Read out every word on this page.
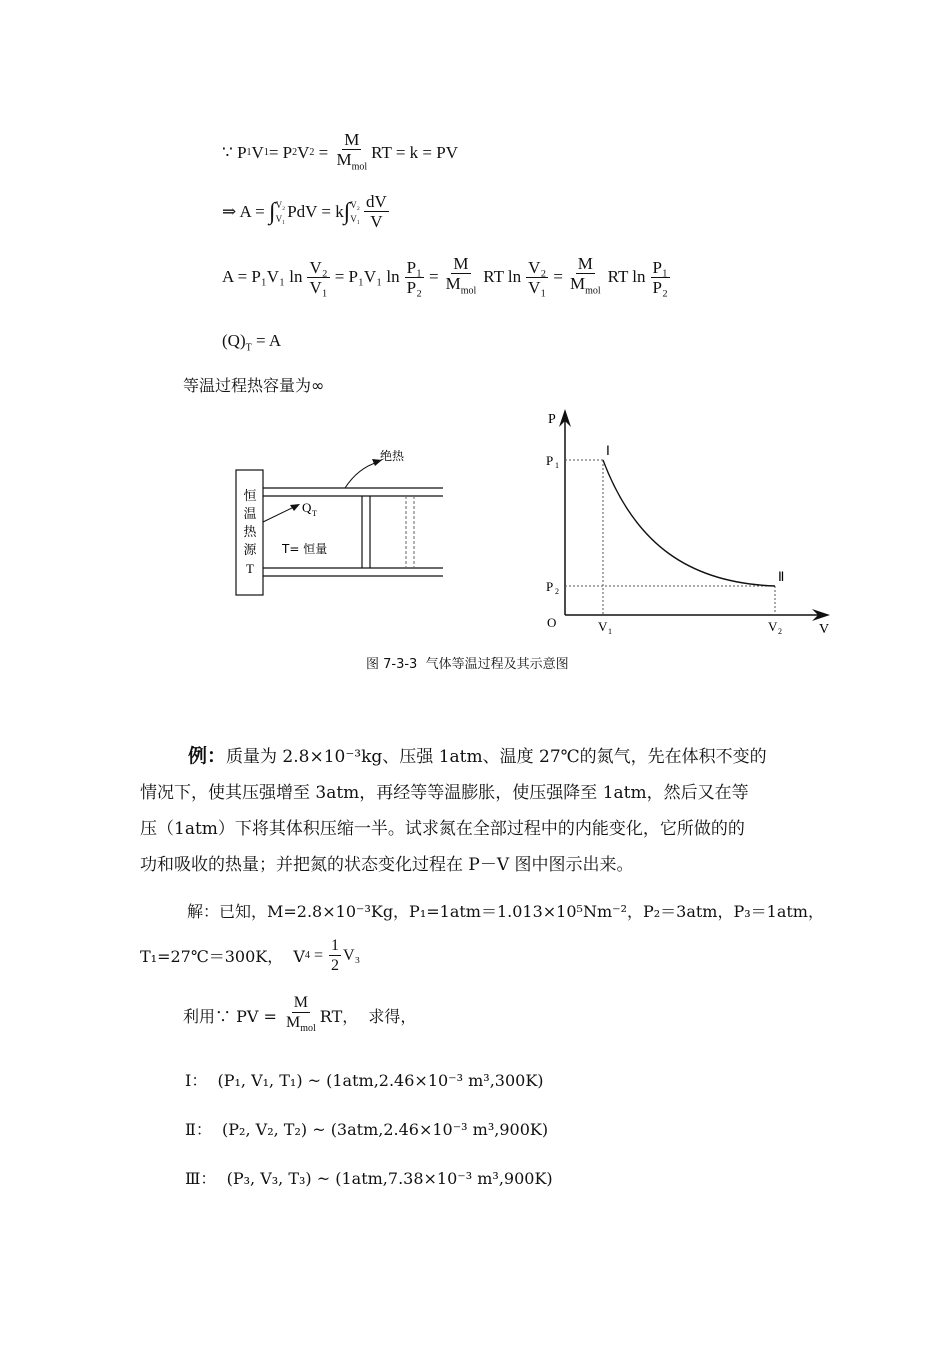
∵ P 1 V 1 = P 2 V $2 = \frac{M}{M_{mol}}$ RT = k = PV
⇒ A = ∫ V₂
V₁ PdV = k ∫ V₂
$V_1 \frac{dV}{V}$
A = P₁V₁ $\ln \frac{\text{V₂}}{\text{V₁}} = P_1V_1$ $\ln \frac{\text{P₁}}{\text{P₂}} = \frac{M}{M_{mol}}$ RT $\ln \frac{\text{V₂}}{\text{V₁}} = \frac{M}{M_{mol}}$ RT $\ln \frac{\text{P₁}}{\text{P₂}}$
$(Q)_T = A$
等温过程热容量为∞
恒
温
热
源
T
Q T
绝热
T= 恒量
P
V
O
P 1
P 2
V 1	V 2
Ⅰ
Ⅱ
图 7-3-3  气体等温过程及其示意图
例：质量为 2.8×10⁻³kg、压强 1atm、温度 27℃的氮气，先在体积不变的
情况下，使其压强增至 3atm，再经等等温膨胀，使压强降至 1atm，然后又在等
压（1atm）下将其体积压缩一半。试求氮在全部过程中的内能变化，它所做的的
功和吸收的热量；并把氮的状态变化过程在 P－V 图中图示出来。
解：已知，M=2.8×10⁻³Kg，P₁=1atm＝1.013×10⁵Nm⁻²，P₂＝3atm，P₃＝1atm，
T₁=27℃＝300K，  V $4 = \frac{1}{2} V_3$
利用∵ PV = $\frac{M}{M_{mol}}$ RT，  求得，
Ⅰ：  (P₁, V₁, T₁) ~ (1atm,2.46×10⁻³ m³,300K)
Ⅱ：  (P₂, V₂, T₂) ~ (3atm,2.46×10⁻³ m³,900K)
Ⅲ：  (P₃, V₃, T₃) ~ (1atm,7.38×10⁻³ m³,900K)
